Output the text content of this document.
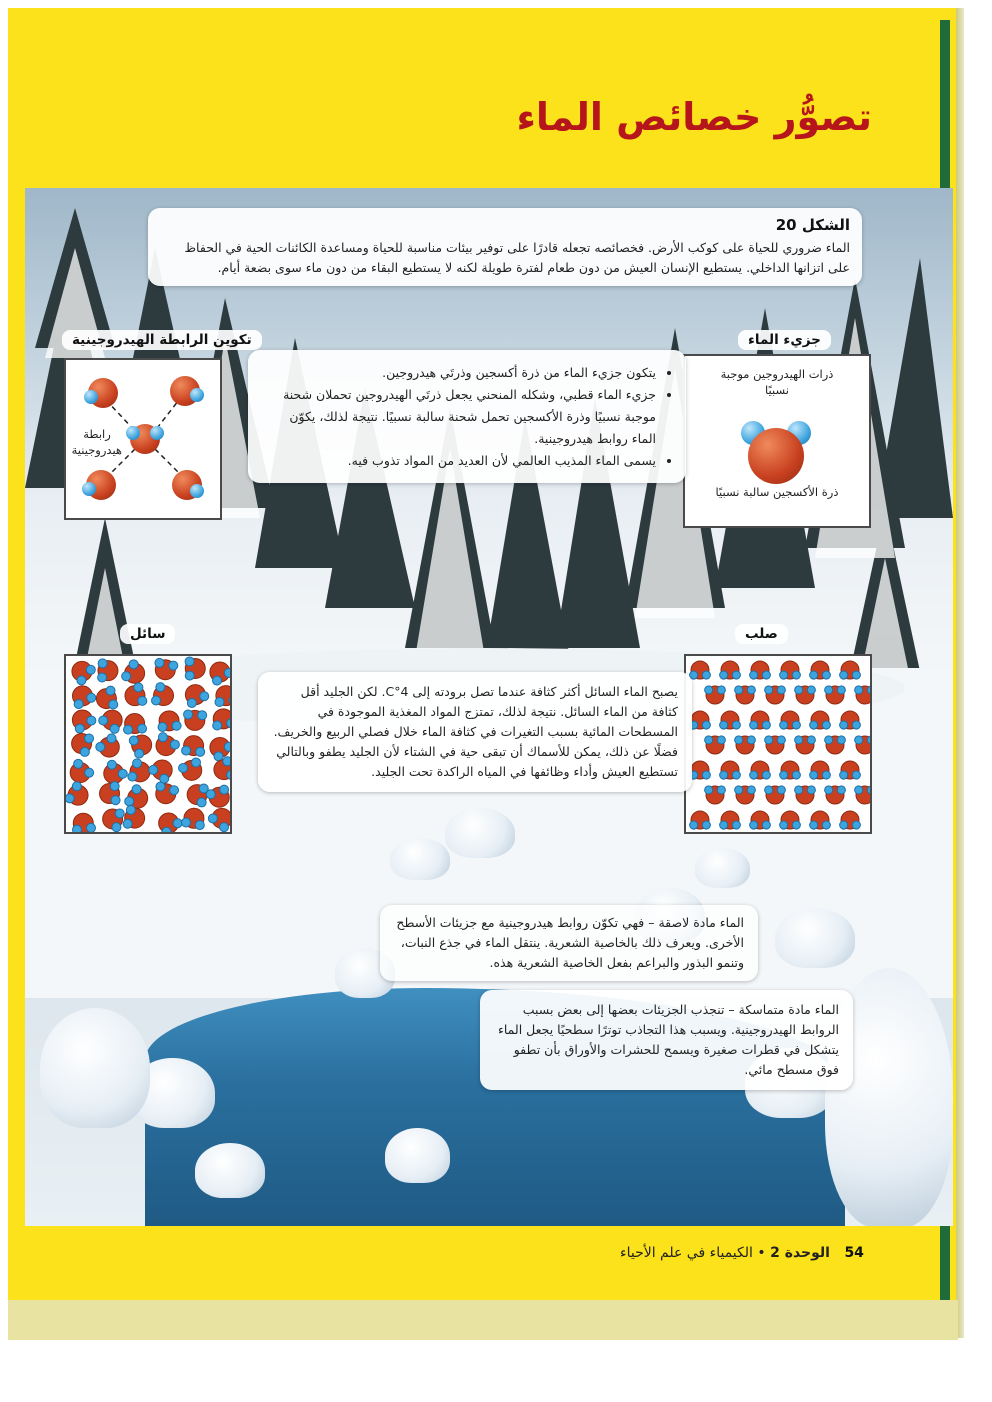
تصوُّر خصائص الماء
الشكل 20

الماء ضروري للحياة على كوكب الأرض. فخصائصه تجعله قادرًا على توفير بيئات مناسبة للحياة ومساعدة الكائنات الحية في الحفاظ على اتزانها الداخلي. يستطيع الإنسان العيش من دون طعام لفترة طويلة لكنه لا يستطيع البقاء من دون ماء سوى بضعة أيام.

جزيء الماء
ذرات الهيدروجين موجبة نسبيًا
ذرة الأكسجين سالبة نسبيًا
تكوين الرابطة الهيدروجينية
رابطة هيدروجينية
• يتكون جزيء الماء من ذرة أكسجين وذرتَي هيدروجين.
• جزيء الماء قطبي، وشكله المنحني يجعل ذرتَي الهيدروجين تحملان شحنة موجبة نسبيًا وذرة الأكسجين تحمل شحنة سالبة نسبيًا. نتيجة لذلك، يكوّن الماء روابط هيدروجينية.
• يسمى الماء المذيب العالمي لأن العديد من المواد تذوب فيه.
سائل	صلب

يصبح الماء السائل أكثر كثافة عندما تصل برودته إلى 4°C. لكن الجليد أقل كثافة من الماء السائل. نتيجة لذلك، تمتزج المواد المغذية الموجودة في المسطحات المائية بسبب التغيرات في كثافة الماء خلال فصلي الربيع والخريف. فضلًا عن ذلك، يمكن للأسماك أن تبقى حية في الشتاء لأن الجليد يطفو وبالتالي تستطيع العيش وأداء وظائفها في المياه الراكدة تحت الجليد.

الماء مادة لاصقة – فهي تكوّن روابط هيدروجينية مع جزيئات الأسطح الأخرى. ويعرف ذلك بالخاصية الشعرية. ينتقل الماء في جذع النبات، وتنمو البذور والبراعم بفعل الخاصية الشعرية هذه.

الماء مادة متماسكة – تنجذب الجزيئات بعضها إلى بعض بسبب الروابط الهيدروجينية. ويسبب هذا التجاذب توترًا سطحيًا يجعل الماء يتشكل في قطرات صغيرة ويسمح للحشرات والأوراق بأن تطفو فوق مسطح مائي.

54 الوحدة 2 • الكيمياء في علم الأحياء
